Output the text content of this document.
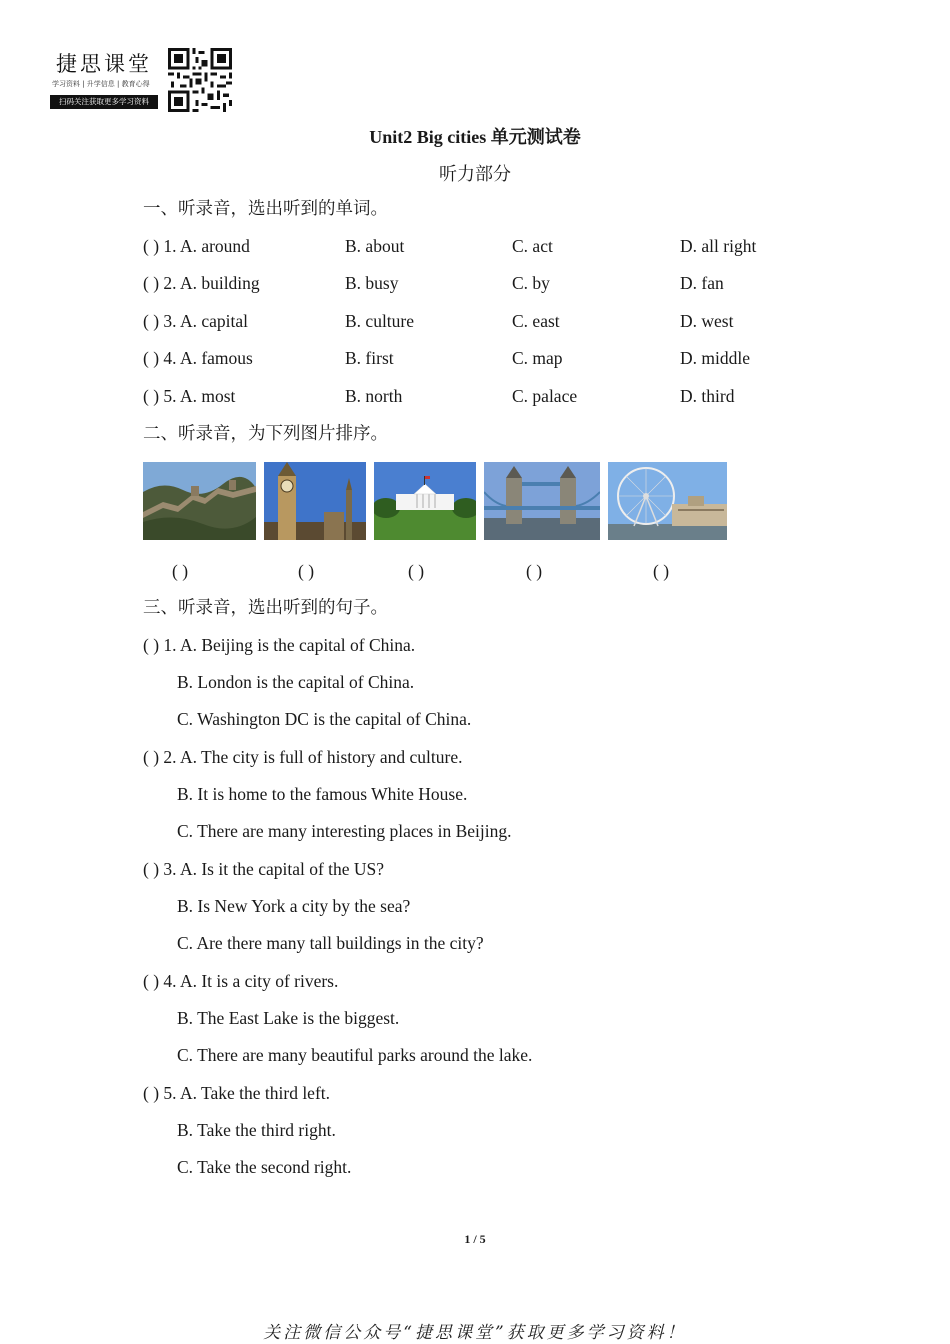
捷思课堂
学习资料 | 升学信息 | 教育心得
扫码关注获取更多学习资料
Unit2 Big cities 单元测试卷
听力部分
一、听录音，选出听到的单词。
( ) 1. A. around	B. about	C. act	D. all right
( ) 2. A. building	B. busy	C. by	D. fan
( ) 3. A. capital	B. culture	C. east	D. west
( ) 4. A. famous	B. first	C. map	D. middle
( ) 5. A. most	B. north	C. palace	D. third
二、听录音，为下列图片排序。
( )	( )	( )	( )	( )
三、听录音，选出听到的句子。
( ) 1. A. Beijing is the capital of China.
B. London is the capital of China.
C. Washington DC is the capital of China.
( ) 2. A. The city is full of history and culture.
B. It is home to the famous White House.
C. There are many interesting places in Beijing.
( ) 3. A. Is it the capital of the US?
B. Is New York a city by the sea?
C. Are there many tall buildings in the city?
( ) 4. A. It is a city of rivers.
B. The East Lake is the biggest.
C. There are many beautiful parks around the lake.
( ) 5. A. Take the third left.
B. Take the third right.
C. Take the second right.
1 / 5
关注微信公众号“捷思课堂”获取更多学习资料！
